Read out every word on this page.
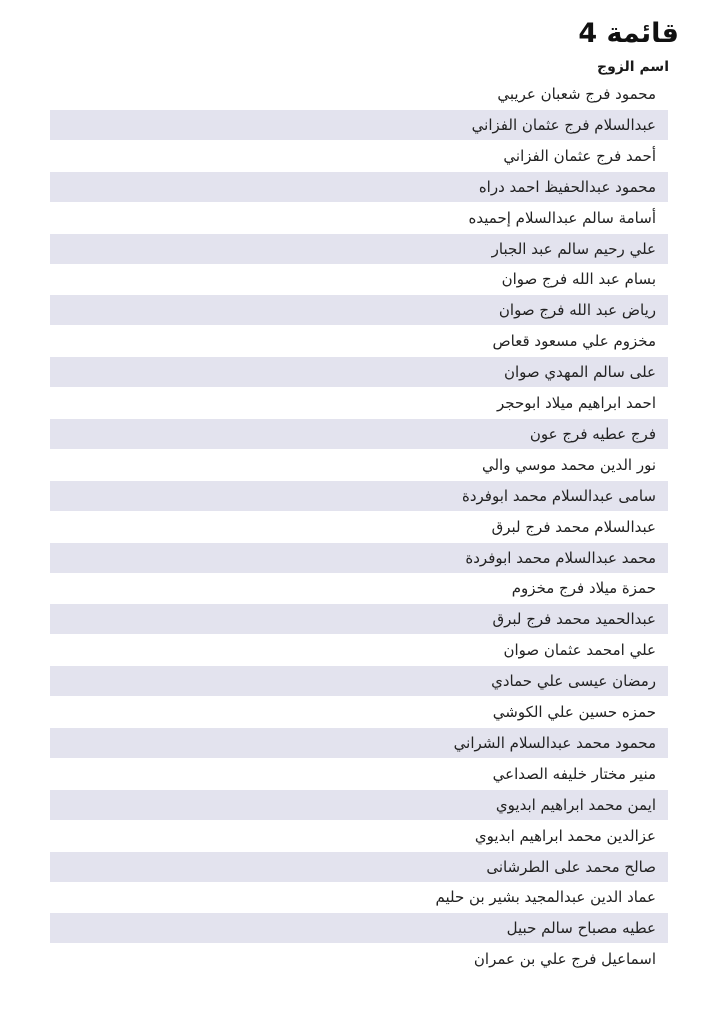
قائمة 4
اسم الزوج
محمود فرج شعبان عريبي
عبدالسلام فرج عثمان الفزاني
أحمد فرج عثمان الفزاني
محمود عبدالحفيظ احمد دراه
أسامة سالم عبدالسلام إحميده
علي رحيم سالم عبد الجبار
بسام عبد الله فرج صوان
رياض عبد الله فرج صوان
مخزوم علي مسعود قعاص
على سالم المهدي صوان
احمد ابراهيم ميلاد ابوحجر
فرج عطيه فرج عون
نور الدين محمد موسي والي
سامى عبدالسلام محمد ابوفردة
عبدالسلام محمد فرج لبرق
محمد عبدالسلام محمد ابوفردة
حمزة ميلاد فرج مخزوم
عبدالحميد محمد فرج لبرق
علي امحمد عثمان صوان
رمضان عيسى علي حمادي
حمزه حسين علي الكوشي
محمود محمد عبدالسلام الشراني
منير مختار خليفه الصداعي
ايمن محمد ابراهيم ابديوي
عزالدين محمد ابراهيم ابديوي
صالح محمد على الطرشانى
عماد الدين عبدالمجيد بشير بن حليم
عطيه مصباح سالم حبيل
اسماعيل فرج علي بن عمران
